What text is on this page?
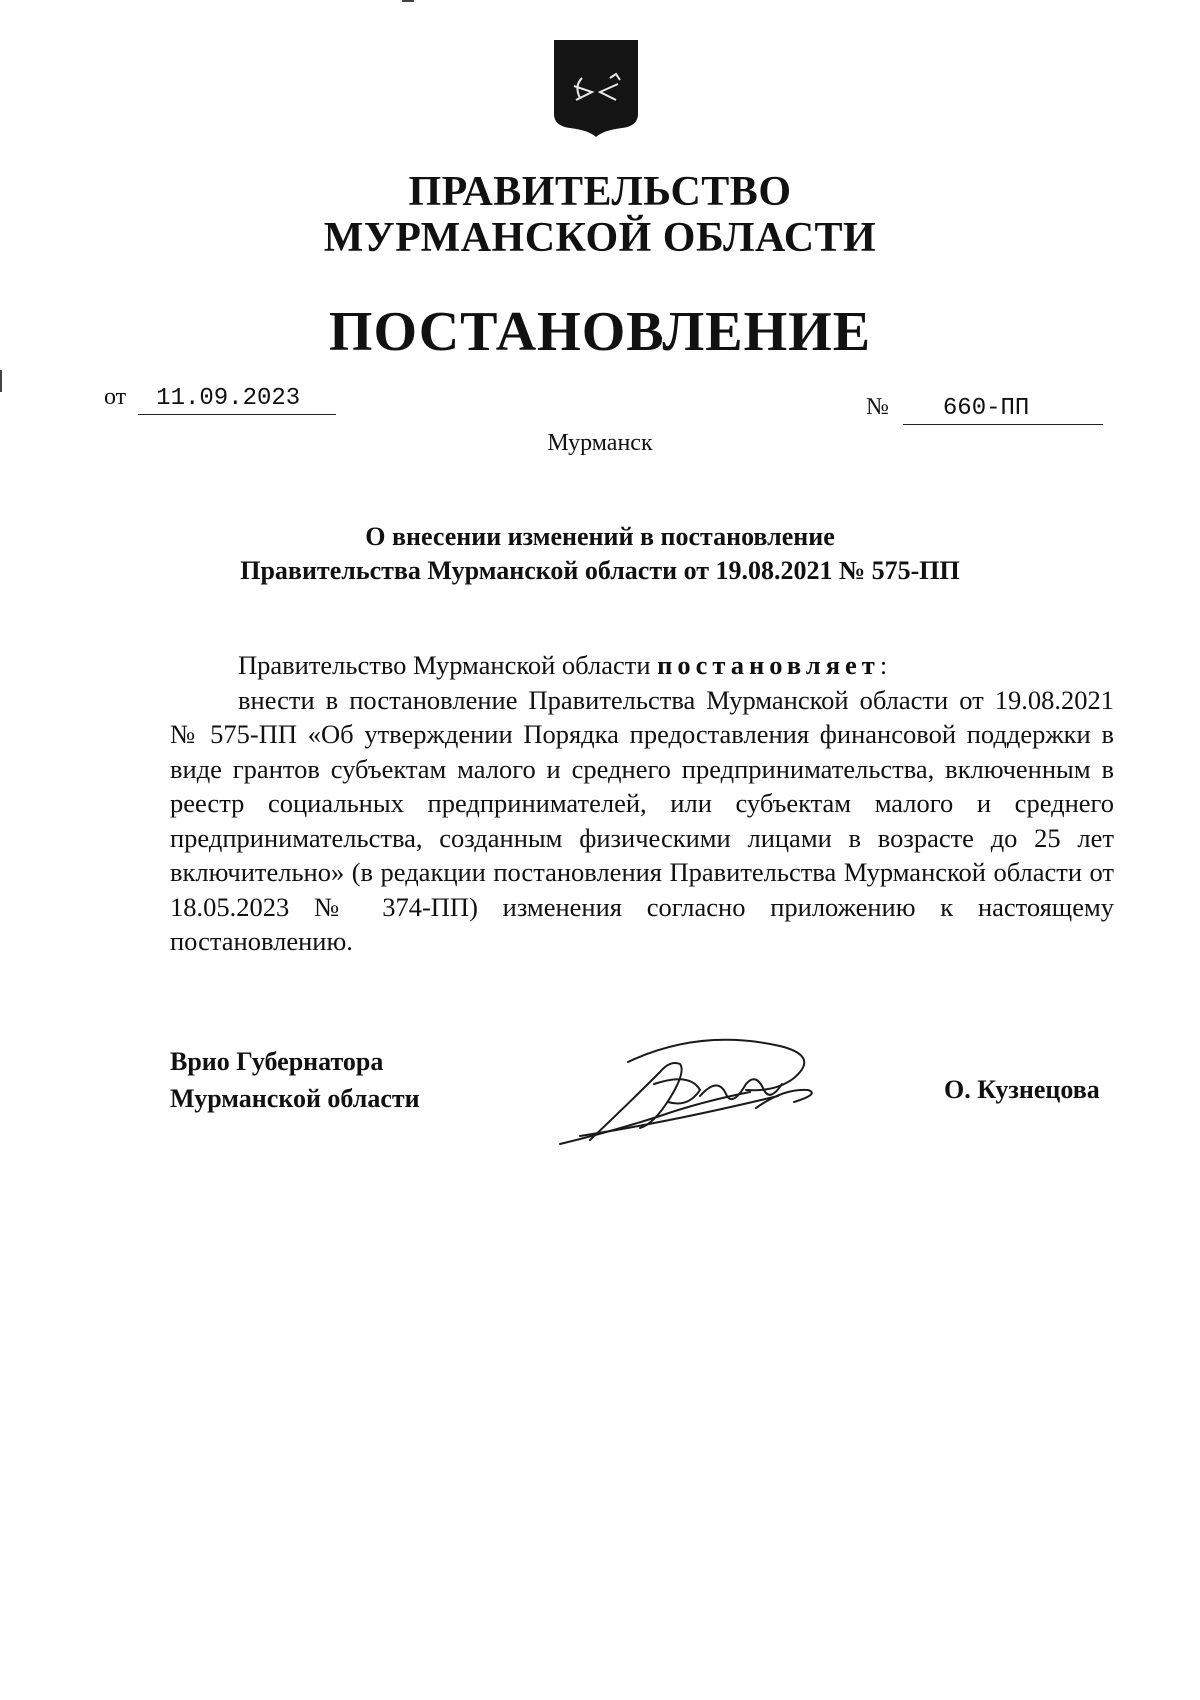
ПРАВИТЕЛЬСТВО
МУРМАНСКОЙ ОБЛАСТИ
ПОСТАНОВЛЕНИЕ
от 11.09.2023	№ 660-ПП
Мурманск
О внесении изменений в постановление
Правительства Мурманской области от 19.08.2021 № 575-ПП

Правительство Мурманской области постановляет:

внести в постановление Правительства Мурманской области от 19.08.2021 № 575-ПП «Об утверждении Порядка предоставления финансовой поддержки в виде грантов субъектам малого и среднего предпринимательства, включенным в реестр социальных предпринимателей, или субъектам малого и среднего предпринимательства, созданным физическими лицами в возрасте до 25 лет включительно» (в редакции постановления Правительства Мурманской области от 18.05.2023 № 374-ПП) изменения согласно приложению к настоящему постановлению.

Врио Губернатора
Мурманской области	О. Кузнецова
